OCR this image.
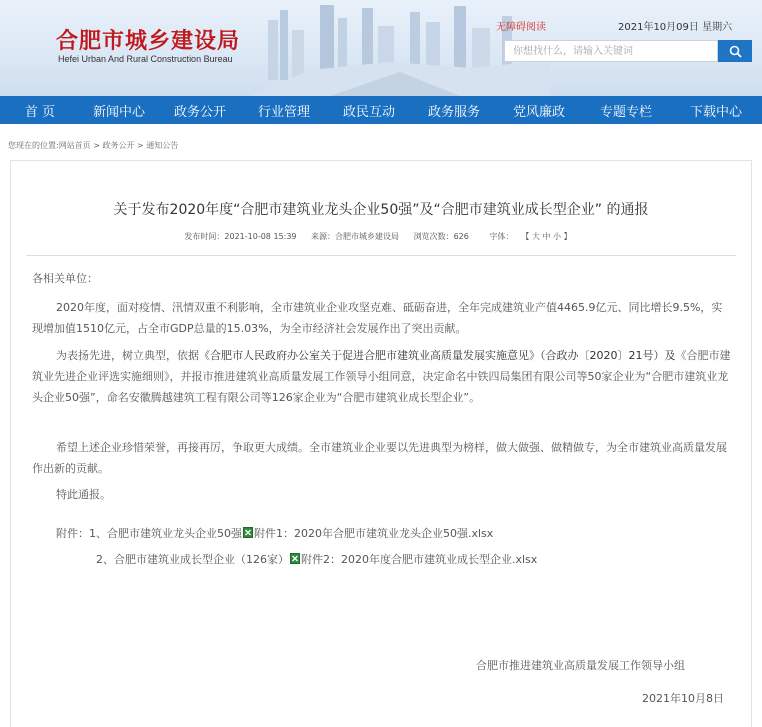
合肥市城乡建设局
Hefei Urban And Rural Construction Bureau
无障碍阅读	2021年10月09日 星期六
你想找什么，请输入关键词
首 页	新闻中心	政务公开	行业管理	政民互动	政务服务	党风廉政	专题专栏	下载中心
您现在的位置:网站首页 > 政务公开 > 通知公告
关于发布2020年度“合肥市建筑业龙头企业50强”及“合肥市建筑业成长型企业” 的通报
发布时间：2021-10-08 15:39 来源：合肥市城乡建设局 浏览次数：626	字体： 【 大 中 小 】
各相关单位：
2020年度，面对疫情、汛情双重不利影响，全市建筑业企业攻坚克难、砥砺奋进，全年完成建筑业产值4465.9亿元、同比增长9.5%，实现增加值1510亿元，占全市GDP总量的15.03%，为全市经济社会发展作出了突出贡献。
为表扬先进，树立典型，依据《合肥市人民政府办公室关于促进合肥市建筑业高质量发展实施意见》（合政办〔2020〕21号）及《合肥市建筑业先进企业评选实施细则》，并报市推进建筑业高质量发展工作领导小组同意，决定命名中铁四局集团有限公司等50家企业为“合肥市建筑业龙头企业50强”，命名安徽腾越建筑工程有限公司等126家企业为“合肥市建筑业成长型企业”。
希望上述企业珍惜荣誉，再接再厉，争取更大成绩。全市建筑业企业要以先进典型为榜样，做大做强、做精做专，为全市建筑业高质量发展作出新的贡献。
特此通报。
附件：1、合肥市建筑业龙头企业50强 附件1：2020年合肥市建筑业龙头企业50强.xlsx
2、合肥市建筑业成长型企业（126家） 附件2：2020年度合肥市建筑业成长型企业.xlsx
合肥市推进建筑业高质量发展工作领导小组
2021年10月8日
